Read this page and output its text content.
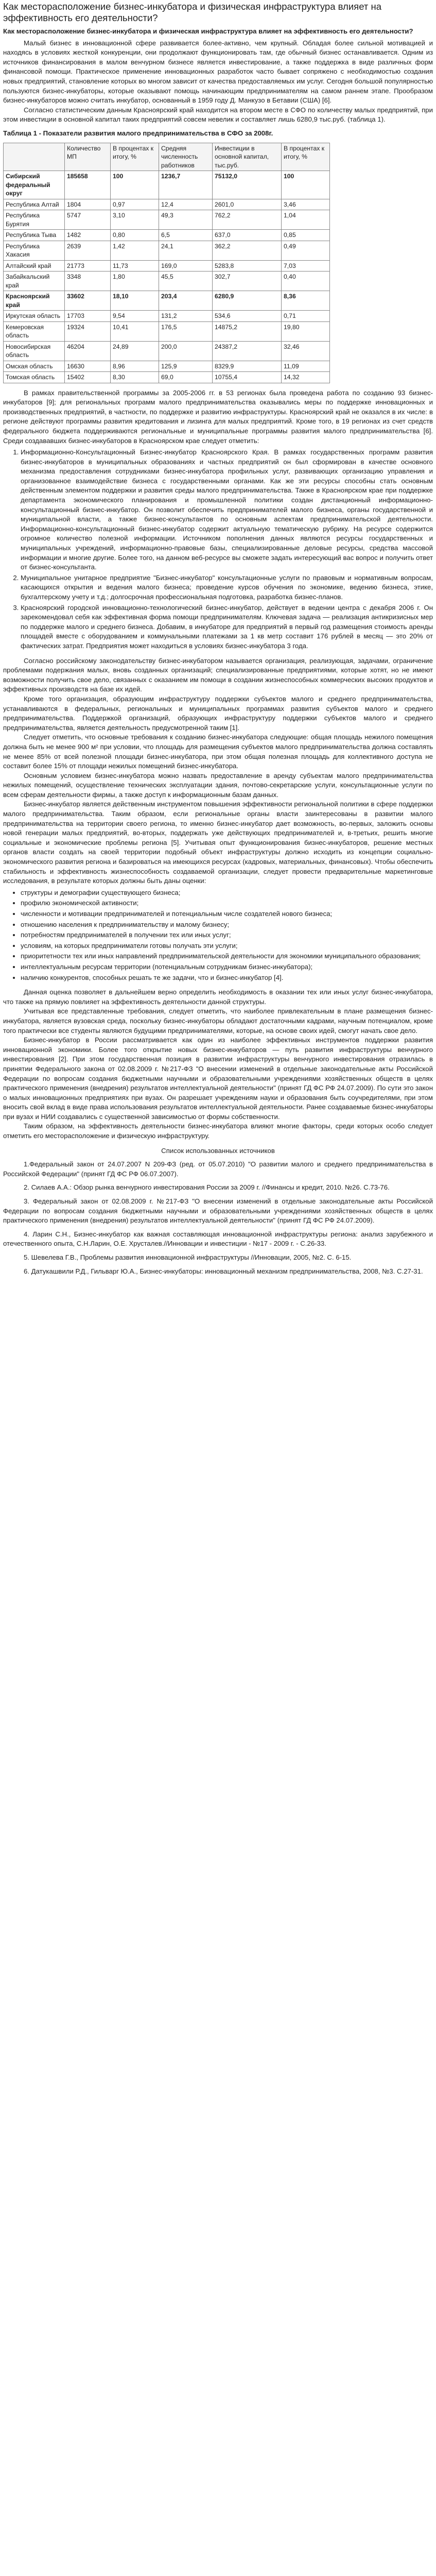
Как месторасположение бизнес-инкубатора и физическая инфраструктура влияет на эффективность его деятельности?

Как месторасположение бизнес-инкубатора и физическая инфраструктура влияет на эффективность его деятельности?

Малый бизнес в инновационной сфере развивается более-активно, чем крупный. Обладая более сильной мотивацией и находясь в условиях жесткой конкуренции, они продолжают функционировать там, где обычный бизнес останавливается. Одним из источников финансирования в малом венчурном бизнесе является инвестирование, а также поддержка в виде различных форм финансовой помощи. Практическое применение инновационных разработок часто бывает сопряжено с необходимостью создания новых предприятий, становление которых во многом зависит от качества предоставляемых им услуг. Сегодня большой популярностью пользуются бизнес-инкубаторы, которые оказывают помощь начинающим предпринимателям на самом раннем этапе. Прообразом бизнес-инкубаторов можно считать инкубатор, основанный в 1959 году Д. Манкузо в Бетавии (США) [6].

Согласно статистическим данным Красноярский край находится на втором месте в СФО по количеству малых предприятий, при этом инвестиции в основной капитал таких предприятий совсем невелик и составляет лишь 6280,9 тыс.руб. (таблица 1).

Таблица 1 - Показатели развития малого предпринимательства в СФО за 2008г.

	Количество МП	В процентах к итогу, %	Средняя численность работников	Инвестиции в основной капитал, тыс.руб.	В процентах к итогу, %
Сибирский федеральный округ	185658	100	1236,7	75132,0	100
Республика Алтай	1804	0,97	12,4	2601,0	3,46
Республика Бурятия	5747	3,10	49,3	762,2	1,04
Республика Тыва	1482	0,80	6,5	637,0	0,85
Республика Хакасия	2639	1,42	24,1	362,2	0,49
Алтайский край	21773	11,73	169,0	5283,8	7,03
Забайкальский край	3348	1,80	45,5	302,7	0,40
Красноярский край	33602	18,10	203,4	6280,9	8,36
Иркутская область	17703	9,54	131,2	534,6	0,71
Кемеровская область	19324	10,41	176,5	14875,2	19,80
Новосибирская область	46204	24,89	200,0	24387,2	32,46
Омская область	16630	8,96	125,9	8329,9	11,09
Томская область	15402	8,30	69,0	10755,4	14,32

В рамках правительственной программы за 2005-2006 гг. в 53 регионах была проведена работа по созданию 93 бизнес-инкубаторов [9]; для региональных программ малого предпринимательства оказывались меры по поддержке инновационных и производственных предприятий, в частности, по поддержке и развитию инфраструктуры. Красноярский край не оказался в их числе: в регионе действуют программы развития кредитования и лизинга для малых предприятий. Кроме того, в 19 регионах из счет средств федерального бюджета поддерживаются региональные и муниципальные программы развития малого предпринимательства [6]. Среди создававших бизнес-инкубаторов в Красноярском крае следует отметить:

1. Информационно-Консультационный Бизнес-инкубатор Красноярского Края. В рамках государственных программ развития бизнес-инкубаторов в муниципальных образованиях и частных предприятий он был сформирован в качестве основного механизма предоставления сотрудниками бизнес-инкубатора профильных услуг, развивающих организацию управления и организованное взаимодействие бизнеса с государственными органами. Как же эти ресурсы способны стать основным действенным элементом поддержки и развития среды малого предпринимательства. Также в Красноярском крае при поддержке департамента экономического планирования и промышленной политики создан дистанционный информационно-консультационный бизнес-инкубатор. Он позволит обеспечить предпринимателей малого бизнеса, органы государственной и муниципальной власти, а также бизнес-консультантов по основным аспектам предпринимательской деятельности. Информационно-консультационный бизнес-инкубатор содержит актуальную тематическую рубрику. На ресурсе содержится огромное количество полезной информации. Источником пополнения данных являются ресурсы государственных и муниципальных учреждений, информационно-правовые базы, специализированные деловые ресурсы, средства массовой информации и многие другие. Более того, на данном веб-ресурсе вы сможете задать интересующий вас вопрос и получить ответ от бизнес-консультанта.
2. Муниципальное унитарное предприятие "Бизнес-инкубатор" консультационные услуги по правовым и нормативным вопросам, касающихся открытия и ведения малого бизнеса; проведение курсов обучения по экономике, ведению бизнеса, этике, бухгалтерскому учету и т.д.; долгосрочная профессиональная подготовка, разработка бизнес-планов.
3. Красноярский городской инновационно-технологический бизнес-инкубатор, действует в ведении центра с декабря 2006 г. Он зарекомендовал себя как эффективная форма помощи предпринимателям. Ключевая задача — реализация антикризисных мер по поддержке малого и среднего бизнеса. Добавим, в инкубаторе для предприятий в первый год размещения стоимость аренды площадей вместе с оборудованием и коммунальными платежами за 1 кв метр составит 176 рублей в месяц — это 20% от фактических затрат. Предприятия может находиться в условиях бизнес-инкубатора 3 года.

Согласно российскому законодательству бизнес-инкубатором называется организация, реализующая, задачами, ограничение проблемами подержания малых, вновь созданных организаций; специализированные предприятиями, которые хотят, но не имеют возможности получить свое дело, связанных с оказанием им помощи в создании жизнеспособных коммерческих высоких продуктов и эффективных производств на базе их идей.

Кроме того организация, образующим инфраструктуру поддержки субъектов малого и среднего предпринимательства, устанавливаются в федеральных, региональных и муниципальных программах развития субъектов малого и среднего предпринимательства. Поддержкой организаций, образующих инфраструктуру поддержки субъектов малого и среднего предпринимательства, является деятельность предусмотренной таким [1].

Следует отметить, что основные требования к созданию бизнес-инкубатора следующие: общая площадь нежилого помещения должна быть не менее 900 м² при условии, что площадь для размещения субъектов малого предпринимательства должна составлять не менее 85% от всей полезной площади бизнес-инкубатора, при этом общая полезная площадь для коллективного доступа не составит более 15% от площади нежилых помещений бизнес-инкубатора.

Основным условием бизнес-инкубатора можно назвать предоставление в аренду субъектам малого предпринимательства нежилых помещений, осуществление технических эксплуатации здания, почтово-секретарские услуги, консультационные услуги по всем сферам деятельности фирмы, а также доступ к информационным базам данных.

Бизнес-инкубатор является действенным инструментом повышения эффективности региональной политики в сфере поддержки малого предпринимательства. Таким образом, если региональные органы власти заинтересованы в развитии малого предпринимательства на территории своего региона, то именно бизнес-инкубатор дает возможность, во-первых, заложить основы новой генерации малых предприятий, во-вторых, поддержать уже действующих предпринимателей и, в-третьих, решить многие социальные и экономические проблемы региона [5]. Учитывая опыт функционирования бизнес-инкубаторов, решение местных органов власти создать на своей территории подобный объект инфраструктуры должно исходить из концепции социально-экономического развития региона и базироваться на имеющихся ресурсах (кадровых, материальных, финансовых). Чтобы обеспечить стабильность и эффективность жизнеспособность создаваемой организации, следует провести предварительные маркетинговые исследования, в результате которых должны быть даны оценки:

• структуры и демографии существующего бизнеса;
• профилю экономической активности;
• численности и мотивации предпринимателей и потенциальным числе создателей нового бизнеса;
• отношению населения к предпринимательству и малому бизнесу;
• потребностям предпринимателей в получении тех или иных услуг;
• условиям, на которых предприниматели готовы получать эти услуги;
• приоритетности тех или иных направлений предпринимательской деятельности для экономики муниципального образования;
• интеллектуальным ресурсам территории (потенциальным сотрудникам бизнес-инкубатора);
• наличию конкурентов, способных решать те же задачи, что и бизнес-инкубатор [4].

Данная оценка позволяет в дальнейшем верно определить необходимость в оказании тех или иных услуг бизнес-инкубатора, что также на прямую повлияет на эффективность деятельности данной структуры.

Учитывая все представленные требования, следует отметить, что наиболее привлекательным в плане размещения бизнес-инкубатора, является вузовская среда, поскольку бизнес-инкубаторы обладают достаточными кадрами, научным потенциалом, кроме того практически все студенты являются будущими предпринимателями, которые, на основе своих идей, смогут начать свое дело.

Бизнес-инкубатор в России рассматривается как один из наиболее эффективных инструментов поддержки развития инновационной экономики. Более того открытие новых бизнес-инкубаторов — путь развития инфраструктуры венчурного инвестирования [2]. При этом государственная позиция в развитии инфраструктуры венчурного инвестирования отразилась в принятии Федерального закона от 02.08.2009 г. №217-ФЗ "О внесении изменений в отдельные законодательные акты Российской Федерации по вопросам создания бюджетными научными и образовательными учреждениями хозяйственных обществ в целях практического применения (внедрения) результатов интеллектуальной деятельности" (принят ГД ФС РФ 24.07.2009). По сути это закон о малых инновационных предприятиях при вузах. Он разрешает учреждениям науки и образования быть соучредителями, при этом вносить свой вклад в виде права использования результатов интеллектуальной деятельности. Ранее создаваемые бизнес-инкубаторы при вузах и НИИ создавались с существенной зависимостью от формы собственности.

Таким образом, на эффективность деятельности бизнес-инкубатора влияют многие факторы, среди которых особо следует отметить его месторасположение и физическую инфраструктуру.

Список использованных источников

1.Федеральный закон от 24.07.2007 N 209-ФЗ (ред. от 05.07.2010) "О развитии малого и среднего предпринимательства в Российской Федерации" (принят ГД ФС РФ 06.07.2007).
2. Силаев А.А.: Обзор рынка венчурного инвестирования России за 2009 г. //Финансы и кредит, 2010. №26. С.73-76.
3. Федеральный закон от 02.08.2009 г. №217-ФЗ "О внесении изменений в отдельные законодательные акты Российской Федерации по вопросам создания бюджетными научными и образовательными учреждениями хозяйственных обществ в целях практического применения (внедрения) результатов интеллектуальной деятельности" (принят ГД ФС РФ 24.07.2009).
4. Ларин С.Н., Бизнес-инкубатор как важная составляющая инновационной инфраструктуры региона: анализ зарубежного и отечественного опыта, С.Н.Ларин, О.Е. Хрусталев.//Инновации и инвестиции - №17 - 2009 г. - С.26-33.
5. Шевелева Г.В., Проблемы развития инновационной инфраструктуры //Инновации, 2005, №2. С. 6-15.
6. Датукашвили Р.Д., Гильварг Ю.А., Бизнес-инкубаторы: инновационный механизм предпринимательства, 2008, №3. С.27-31.
